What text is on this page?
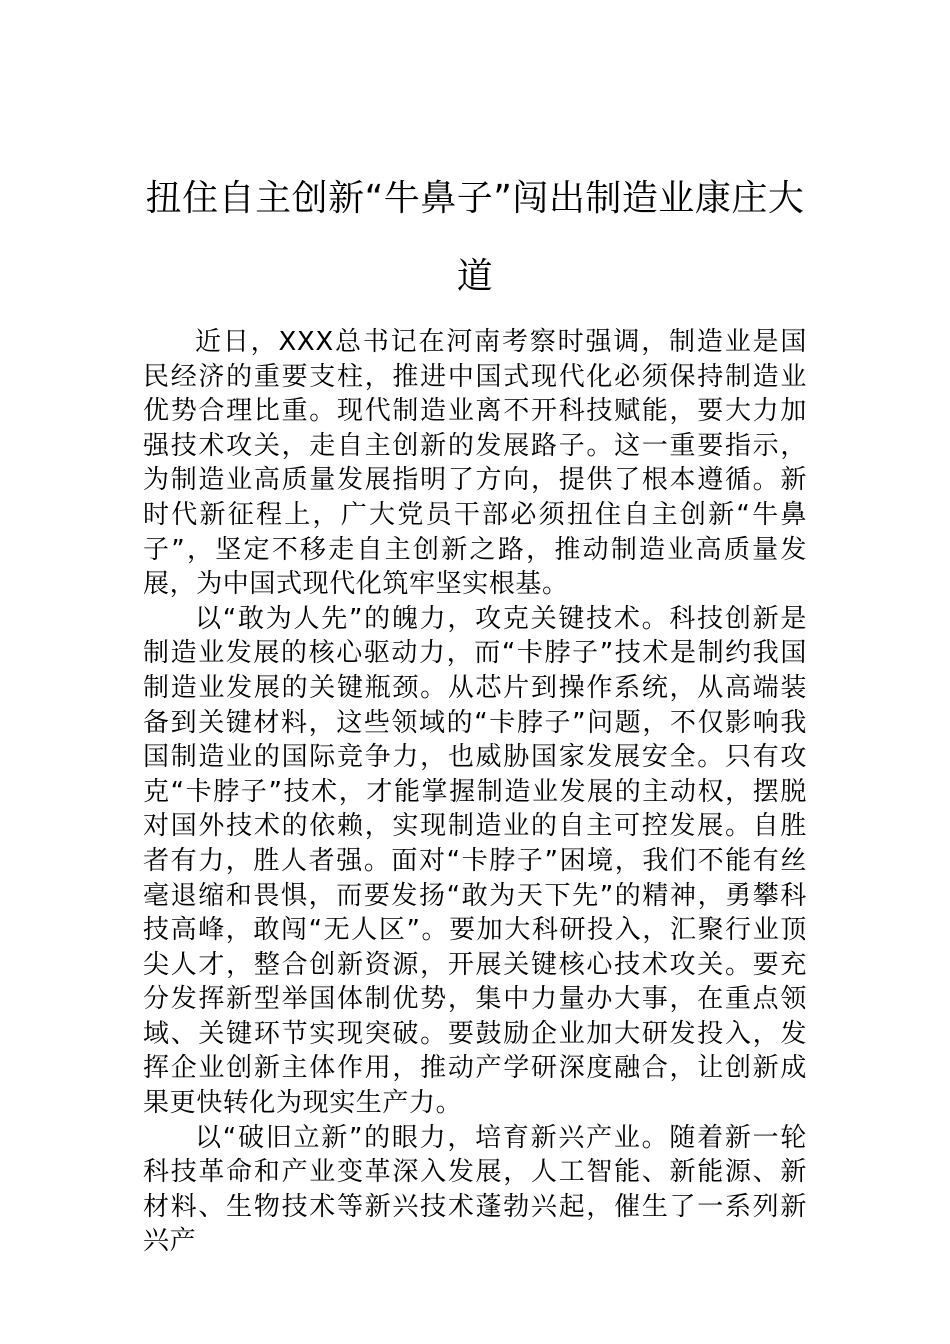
扭住自主创新“牛鼻子”闯出制造业康庄大道

近日，XXX总书记在河南考察时强调，制造业是国民经济的重要支柱，推进中国式现代化必须保持制造业优势合理比重。现代制造业离不开科技赋能，要大力加强技术攻关，走自主创新的发展路子。这一重要指示，为制造业高质量发展指明了方向，提供了根本遵循。新时代新征程上，广大党员干部必须扭住自主创新“牛鼻子”，坚定不移走自主创新之路，推动制造业高质量发展，为中国式现代化筑牢坚实根基。

以“敢为人先”的魄力，攻克关键技术。科技创新是制造业发展的核心驱动力，而“卡脖子”技术是制约我国制造业发展的关键瓶颈。从芯片到操作系统，从高端装备到关键材料，这些领域的“卡脖子”问题，不仅影响我国制造业的国际竞争力，也威胁国家发展安全。只有攻克“卡脖子”技术，才能掌握制造业发展的主动权，摆脱对国外技术的依赖，实现制造业的自主可控发展。自胜者有力，胜人者强。面对“卡脖子”困境，我们不能有丝毫退缩和畏惧，而要发扬“敢为天下先”的精神，勇攀科技高峰，敢闯“无人区”。要加大科研投入，汇聚行业顶尖人才，整合创新资源，开展关键核心技术攻关。要充分发挥新型举国体制优势，集中力量办大事，在重点领域、关键环节实现突破。要鼓励企业加大研发投入，发挥企业创新主体作用，推动产学研深度融合，让创新成果更快转化为现实生产力。

以“破旧立新”的眼力，培育新兴产业。随着新一轮科技革命和产业变革深入发展，人工智能、新能源、新材料、生物技术等新兴技术蓬勃兴起，催生了一系列新兴产
